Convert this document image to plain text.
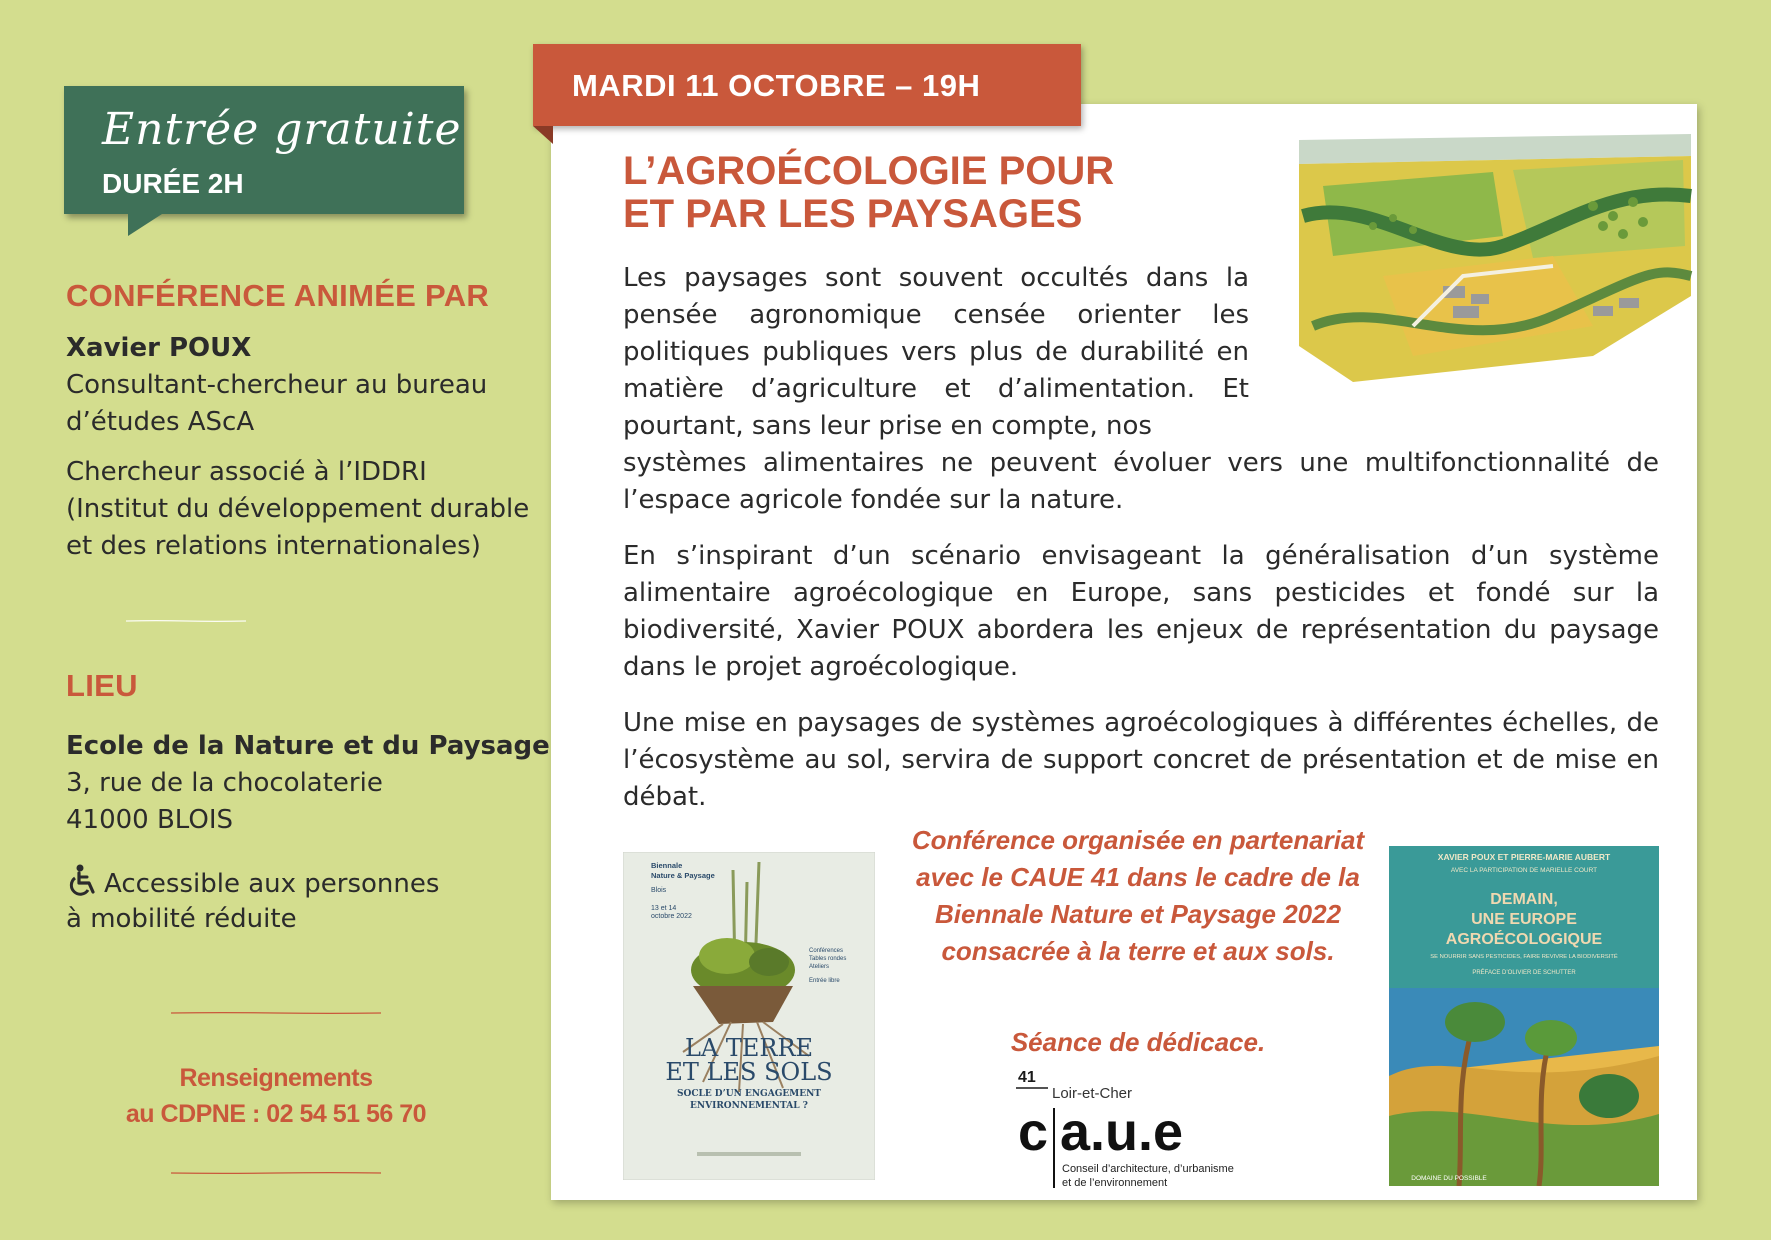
Entrée gratuite
DURÉE 2H
CONFÉRENCE ANIMÉE PAR
Xavier POUX
Consultant-chercheur au bureau
d’études AScA
Chercheur associé à l’IDDRI
(Institut du développement durable
et des relations internationales)
LIEU
Ecole de la Nature et du Paysage
3, rue de la chocolaterie
41000 BLOIS
Accessible aux personnes
à mobilité réduite
Renseignements
au CDPNE : 02 54 51 56 70
MARDI 11 OCTOBRE – 19H
L’AGROÉCOLOGIE POUR
ET PAR LES PAYSAGES
Les paysages sont souvent occultés dans la pensée agronomique censée orienter les politiques publiques vers plus de durabilité en matière d’agriculture et d’alimentation. Et pourtant, sans leur prise en compte, nos
systèmes alimentaires ne peuvent évoluer vers une multifonctionnalité de l’espace agricole fondée sur la nature.
En s’inspirant d’un scénario envisageant la généralisation d’un système alimentaire agroécologique en Europe, sans pesticides et fondé sur la biodiversité, Xavier POUX abordera les enjeux de représentation du paysage dans le projet agroécologique.
Une mise en paysages de systèmes agroécologiques à différentes échelles, de l’écosystème au sol, servira de support concret de présentation et de mise en débat.
Biennale
Nature & Paysage
Blois
13 et 14
octobre 2022
Conférences
Tables rondes
Ateliers
Entrée libre
LA TERRE
ET LES SOLS
SOCLE D’UN ENGAGEMENT
ENVIRONNEMENTAL ?
Conférence organisée en partenariat avec le CAUE 41 dans le cadre de la Biennale Nature et Paysage 2022 consacrée à la terre et aux sols.
Séance de dédicace.
41
Loir-et-Cher
c a.u.e
Conseil d’architecture, d’urbanisme
et de l’environnement
XAVIER POUX ET PIERRE-MARIE AUBERT
AVEC LA PARTICIPATION DE MARIELLE COURT
DEMAIN,
UNE EUROPE
AGROÉCOLOGIQUE
SE NOURRIR SANS PESTICIDES, FAIRE REVIVRE LA BIODIVERSITÉ
PRÉFACE D’OLIVIER DE SCHUTTER
DOMAINE DU POSSIBLE
